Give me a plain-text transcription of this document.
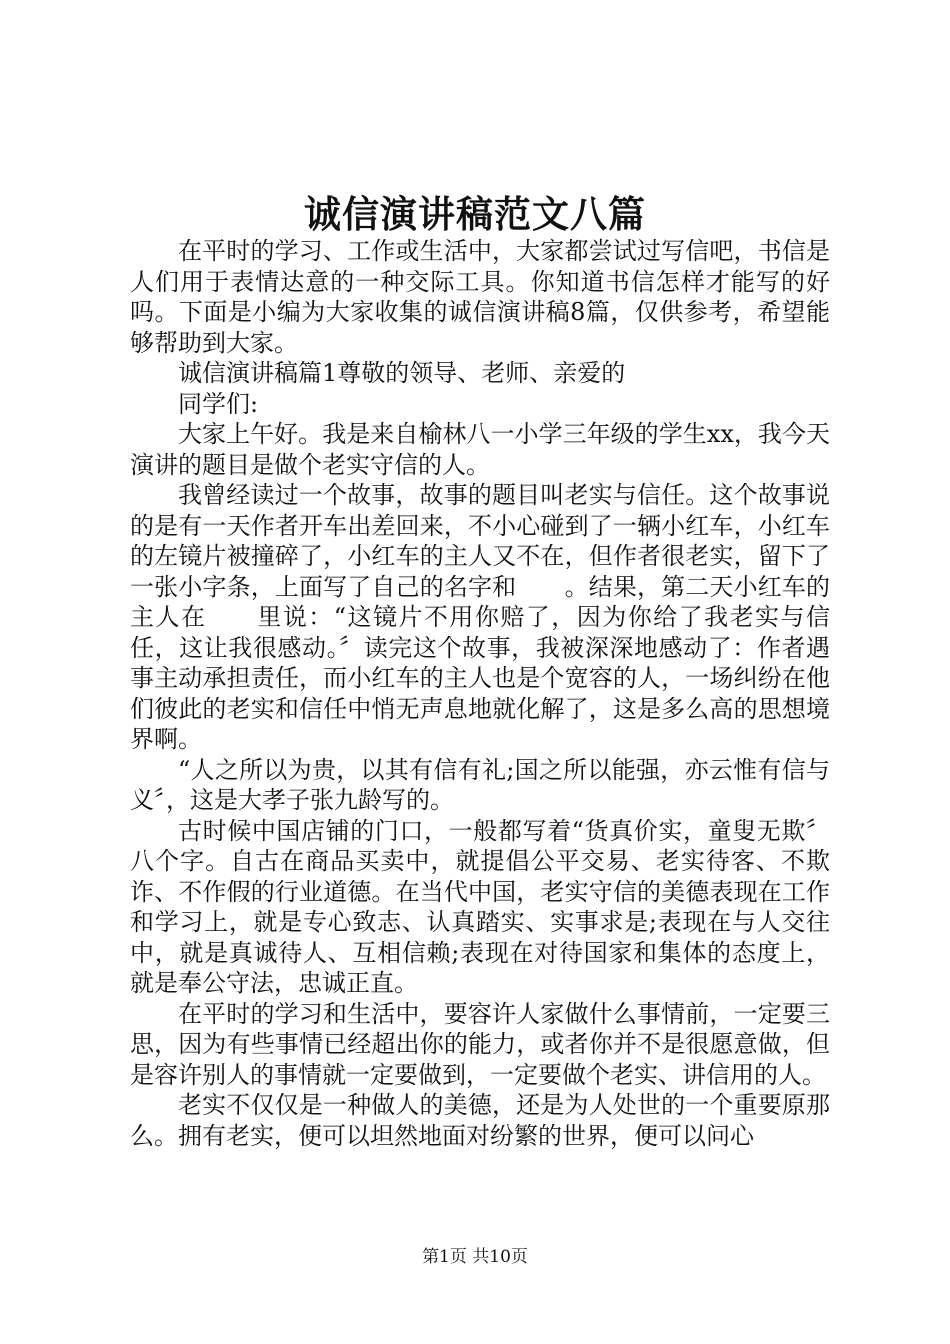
诚信演讲稿范文八篇

在平时的学习、工作或生活中，大家都尝试过写信吧，书信是人们用于表情达意的一种交际工具。你知道书信怎样才能写的好吗。下面是小编为大家收集的诚信演讲稿8篇，仅供参考，希望能够帮助到大家。

诚信演讲稿篇1尊敬的领导、老师、亲爱的

同学们:

大家上午好。我是来自榆林八一小学三年级的学生xx，我今天演讲的题目是做个老实守信的人。

我曾经读过一个故事，故事的题目叫老实与信任。这个故事说的是有一天作者开车出差回来，不小心碰到了一辆小红车，小红车的左镜片被撞碎了，小红车的主人又不在，但作者很老实，留下了一张小字条，上面写了自己的名字和　　。结果，第二天小红车的主人在　　里说：“这镜片不用你赔了，因为你给了我老实与信任，这让我很感动。〞读完这个故事，我被深深地感动了：作者遇事主动承担责任，而小红车的主人也是个宽容的人，一场纠纷在他们彼此的老实和信任中悄无声息地就化解了，这是多么高的思想境界啊。

“人之所以为贵，以其有信有礼;国之所以能强，亦云惟有信与义〞，这是大孝子张九龄写的。

古时候中国店铺的门口，一般都写着“货真价实，童叟无欺〞八个字。自古在商品买卖中，就提倡公平交易、老实待客、不欺诈、不作假的行业道德。在当代中国，老实守信的美德表现在工作和学习上，就是专心致志、认真踏实、实事求是;表现在与人交往中，就是真诚待人、互相信赖;表现在对待国家和集体的态度上，就是奉公守法，忠诚正直。

在平时的学习和生活中，要容许人家做什么事情前，一定要三思，因为有些事情已经超出你的能力，或者你并不是很愿意做，但是容许别人的事情就一定要做到，一定要做个老实、讲信用的人。

老实不仅仅是一种做人的美德，还是为人处世的一个重要原那么。拥有老实，便可以坦然地面对纷繁的世界，便可以问心

第1页 共10页
